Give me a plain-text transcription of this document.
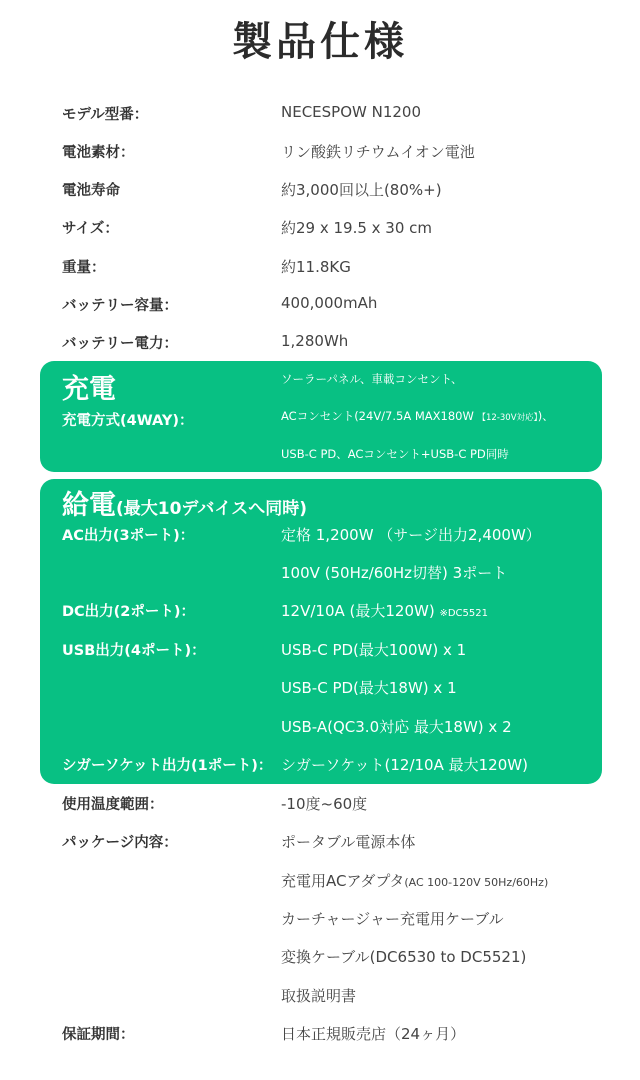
製品仕様
モデル型番：	NECESPOW N1200
電池素材：	リン酸鉄リチウムイオン電池
電池寿命	約3,000回以上(80%+)
サイズ：	約29 x 19.5 x 30 cm
重量：	約11.8KG
バッテリー容量：	400,000mAh
バッテリー電力：	1,280Wh
充電
充電方式(4WAY)：
ソーラーパネル、車載コンセント、
ACコンセント(24V/7.5A MAX180W 【12-30V対応】)、
USB-C PD、ACコンセント+USB-C PD同時
給電(最大10デバイスへ同時)
AC出力(3ポート)：	定格 1,200W （サージ出力2,400W）
100V (50Hz/60Hz切替) 3ポート
DC出力(2ポート)：	12V/10A (最大120W) ※DC5521
USB出力(4ポート)：	USB-C PD(最大100W) x 1
USB-C PD(最大18W) x 1
USB-A(QC3.0対応 最大18W) x 2
シガーソケット出力(1ポート)： シガーソケット(12/10A 最大120W)
使用温度範囲：	-10度~60度
パッケージ内容：	ポータブル電源本体
充電用ACアダプタ(AC 100-120V 50Hz/60Hz)
カーチャージャー充電用ケーブル
変換ケーブル(DC6530 to DC5521)
取扱説明書
保証期間：	日本正規販売店（24ヶ月）
